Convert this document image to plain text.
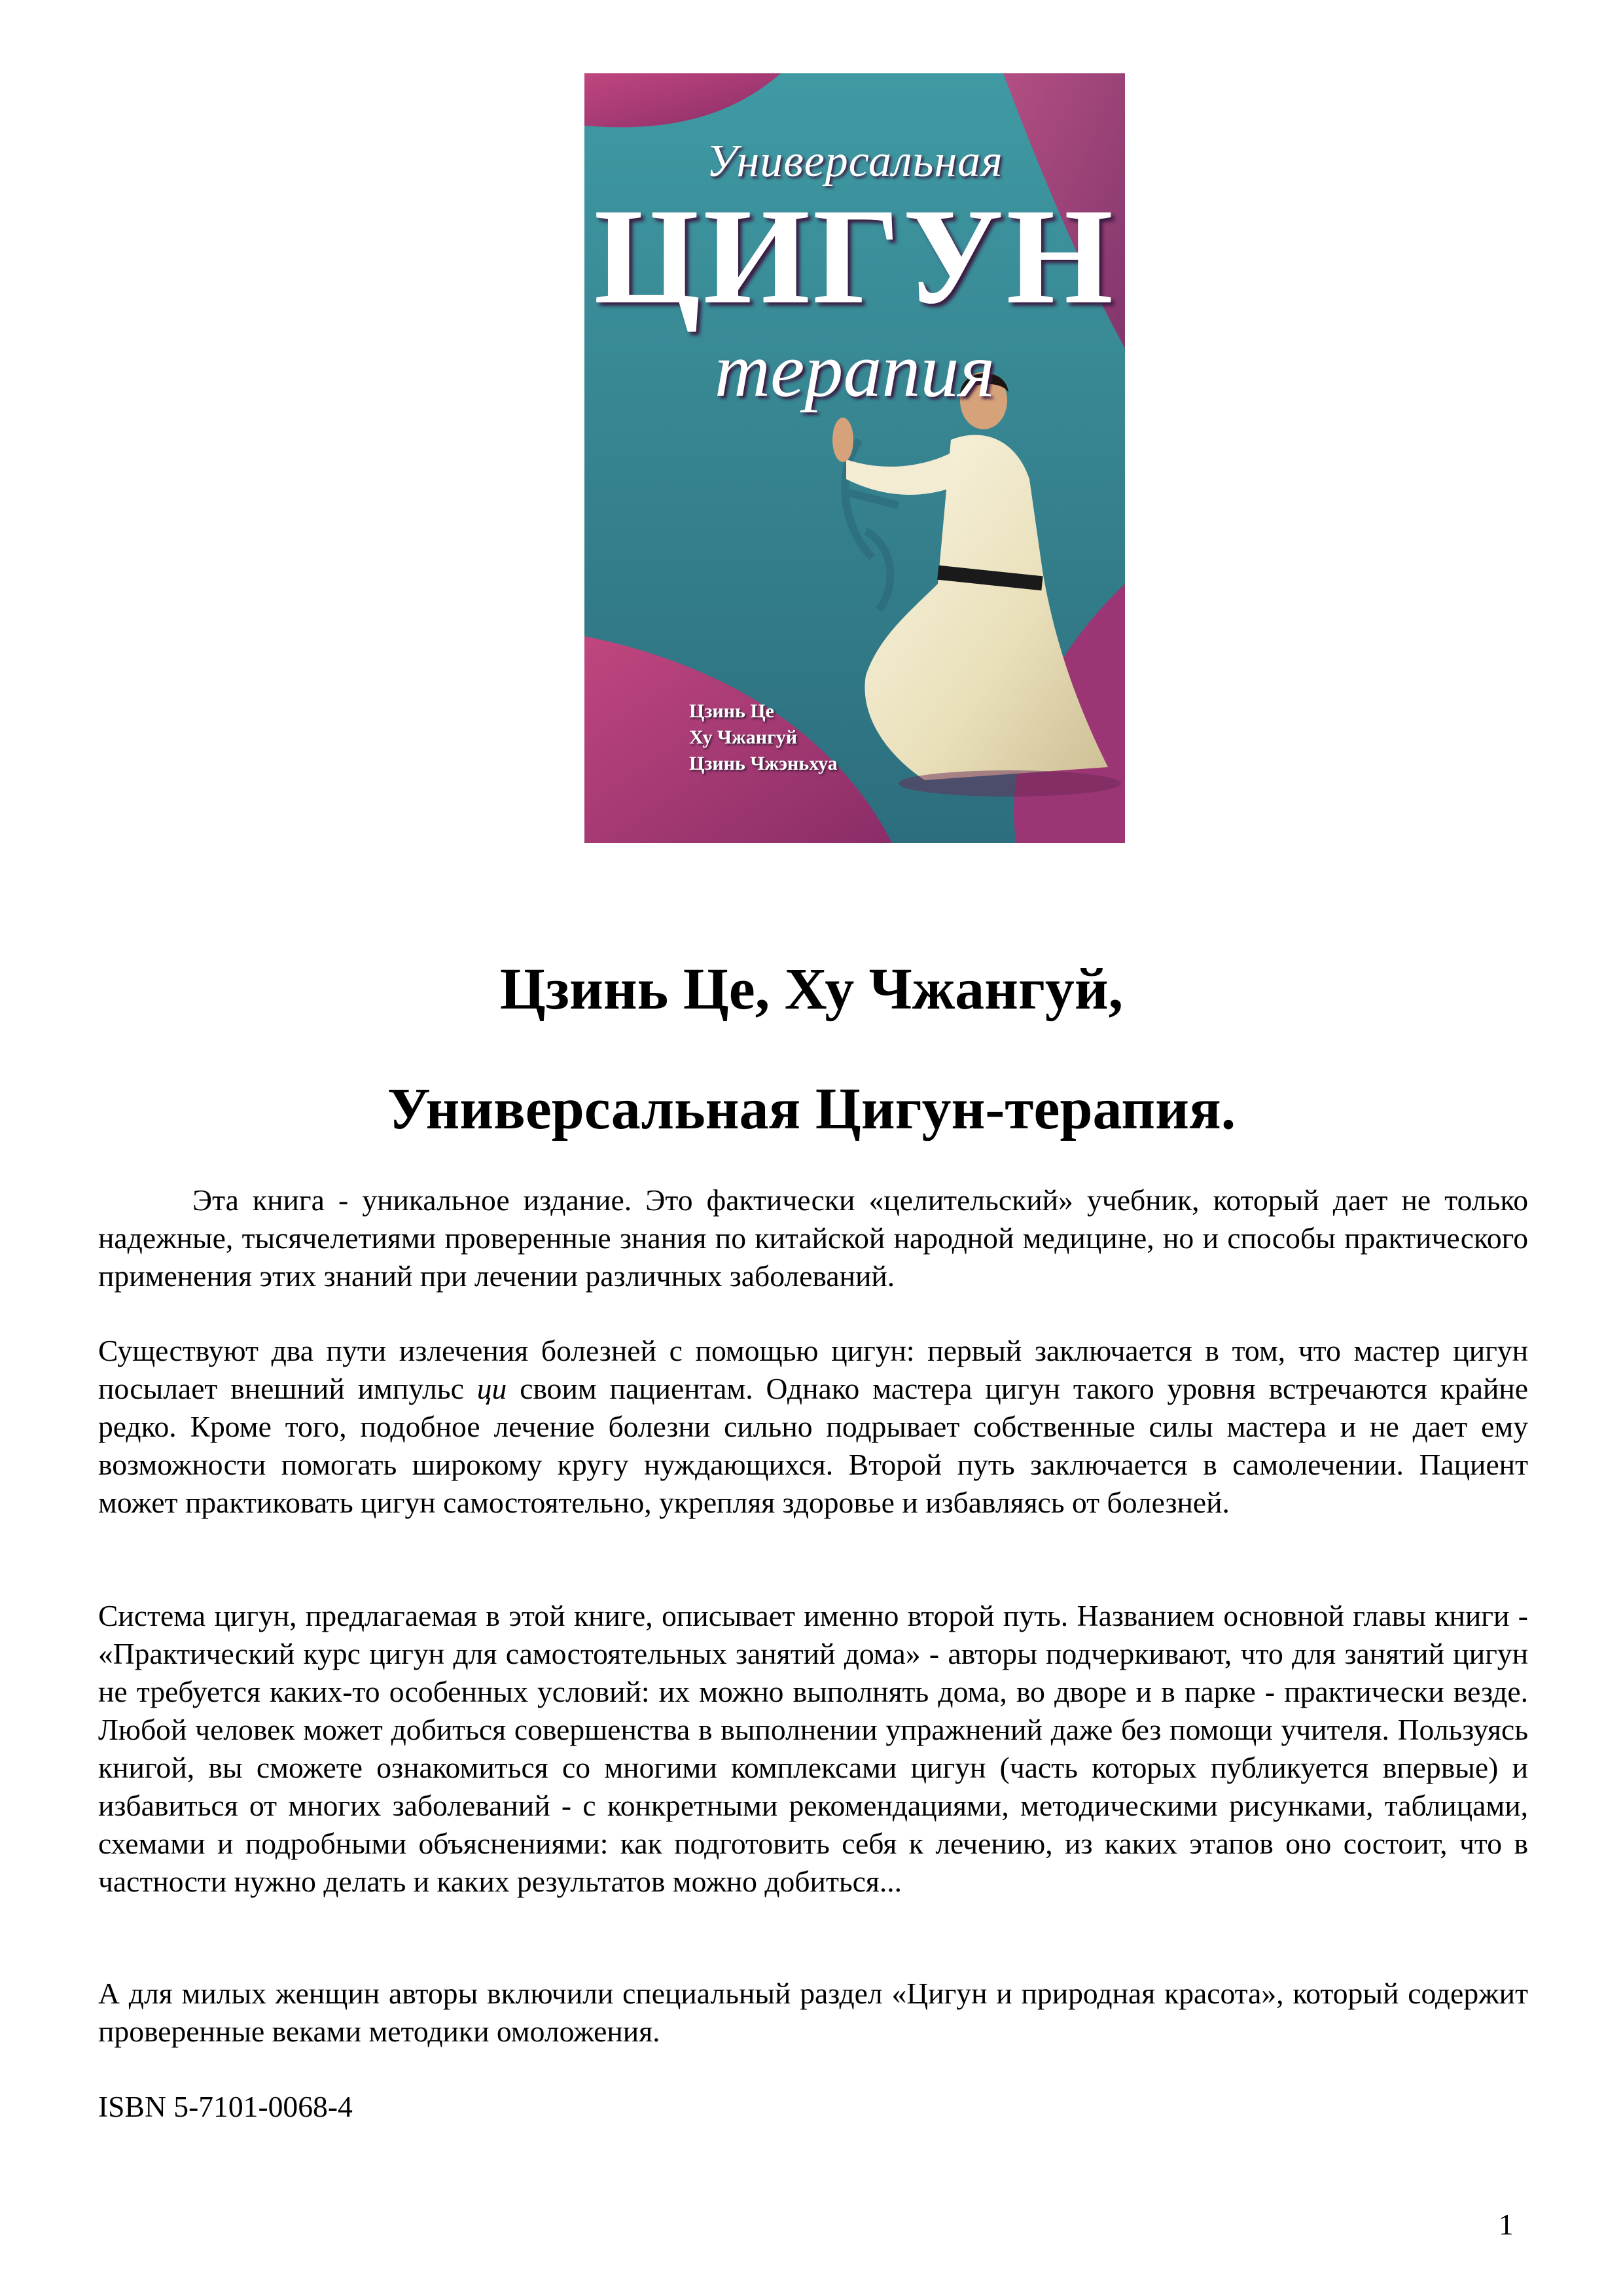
Универсальная
ЦИГУН
терапия
Цзинь Це
Ху Чжангуй
Цзинь Чжэньхуа
Цзинь Це, Ху Чжангуй,
Универсальная Цигун-терапия.
Эта книга - уникальное издание. Это фактически «целительский» учебник, который дает не только надежные, тысячелетиями проверенные знания по китайской народной медицине, но и способы практического применения этих знаний при лечении различных заболеваний.
Существуют два пути излечения болезней с помощью цигун: первый заключается в том, что мастер цигун посылает внешний импульс ци своим пациентам. Однако мастера цигун такого уровня встречаются крайне редко. Кроме того, подобное лечение болезни сильно подрывает собственные силы мастера и не дает ему возможности помогать широкому кругу нуждающихся. Второй путь заключается в самолечении. Пациент может практиковать цигун самостоятельно, укрепляя здоровье и избавляясь от болезней.
Система цигун, предлагаемая в этой книге, описывает именно второй путь. Названием основной главы книги - «Практический курс цигун для самостоятельных занятий дома» - авторы подчеркивают, что для занятий цигун не требуется каких-то особенных условий: их можно выполнять дома, во дворе и в парке - практически везде. Любой человек может добиться совершенства в выполнении упражнений даже без помощи учителя. Пользуясь книгой, вы сможете ознакомиться со многими комплексами цигун (часть которых публикуется впервые) и избавиться от многих заболеваний - с конкретными рекомендациями, методическими рисунками, таблицами, схемами и подробными объяснениями: как подготовить себя к лечению, из каких этапов оно состоит, что в частности нужно делать и каких результатов можно добиться...
А для милых женщин авторы включили специальный раздел «Цигун и природная красота», который содержит проверенные веками методики омоложения.
ISBN 5-7101-0068-4
1
